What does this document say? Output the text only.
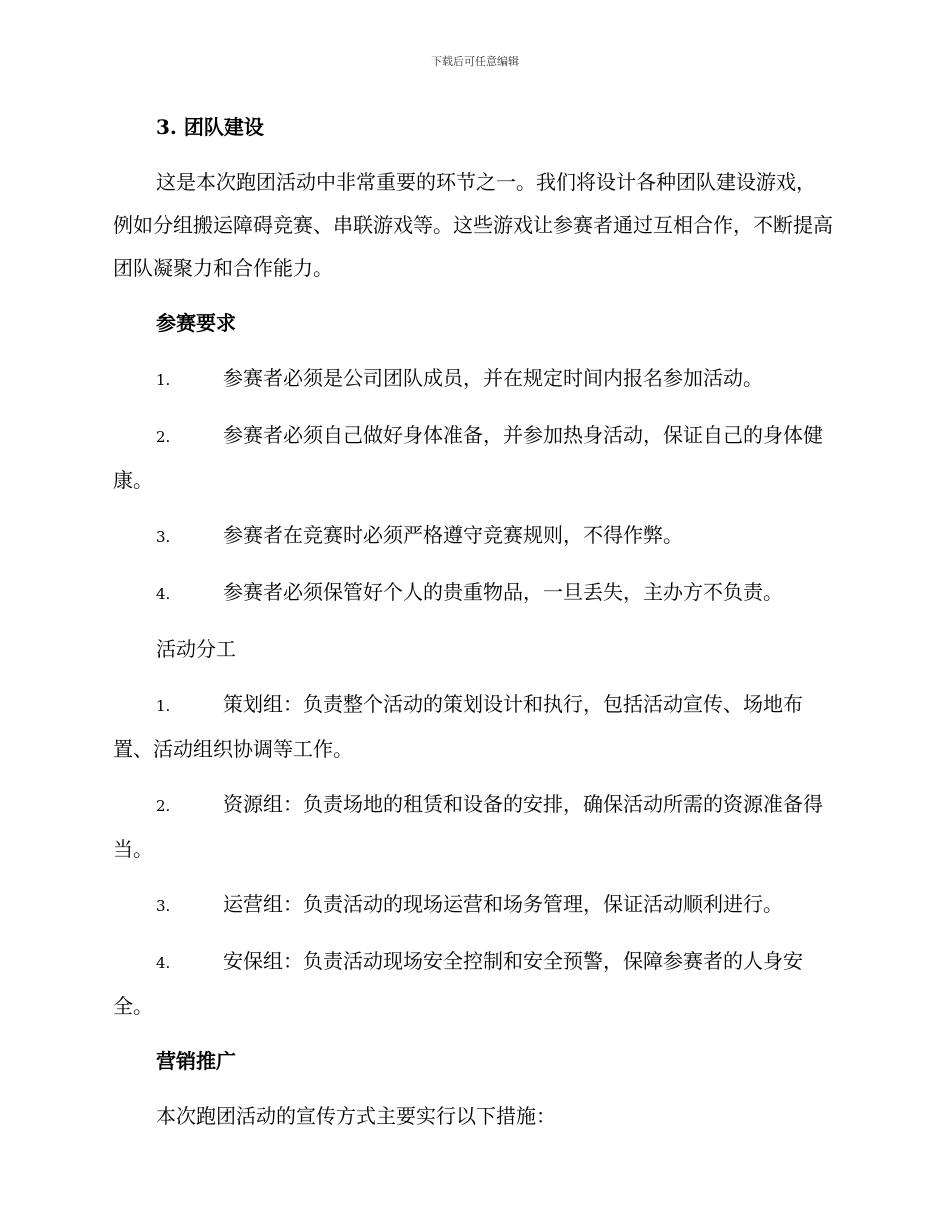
下载后可任意编辑
3. 团队建设
这是本次跑团活动中非常重要的环节之一。我们将设计各种团队建设游戏，例如分组搬运障碍竞赛、串联游戏等。这些游戏让参赛者通过互相合作，不断提高团队凝聚力和合作能力。
参赛要求
1.	参赛者必须是公司团队成员，并在规定时间内报名参加活动。
2.	参赛者必须自己做好身体准备，并参加热身活动，保证自己的身体健康。
3.	参赛者在竞赛时必须严格遵守竞赛规则，不得作弊。
4.	参赛者必须保管好个人的贵重物品，一旦丢失，主办方不负责。
活动分工
1.	策划组：负责整个活动的策划设计和执行，包括活动宣传、场地布置、活动组织协调等工作。
2.	资源组：负责场地的租赁和设备的安排，确保活动所需的资源准备得当。
3.	运营组：负责活动的现场运营和场务管理，保证活动顺利进行。
4.	安保组：负责活动现场安全控制和安全预警，保障参赛者的人身安全。
营销推广
本次跑团活动的宣传方式主要实行以下措施：
